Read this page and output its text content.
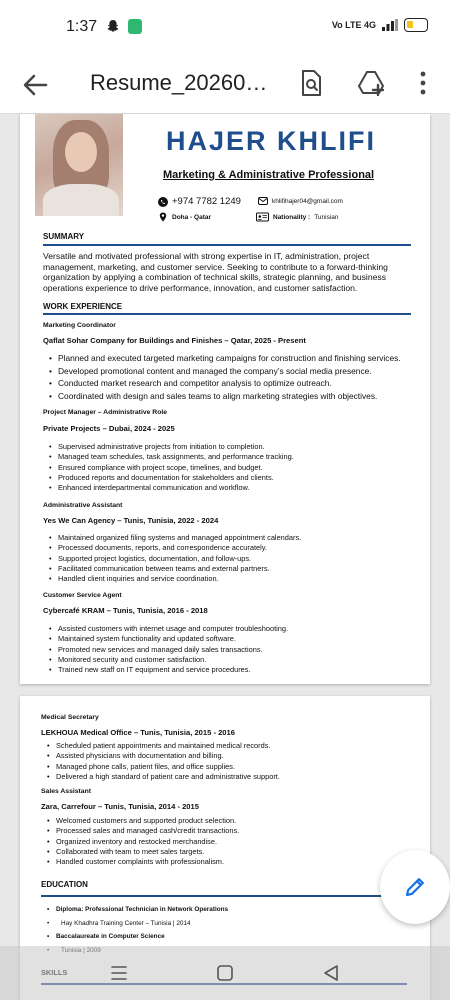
1:37	Vo LTE 4G
Resume_20260…
HAJER KHLIFI
Marketing & Administrative Professional
+974 7782 1249	khlifihajer04@gmail.com
Doha - Qatar	Nationality : Tunisian
SUMMARY
Versatile and motivated professional with strong expertise in IT, administration, project management, marketing, and customer service. Seeking to contribute to a forward-thinking organization by applying a combination of technical skills, strategic planning, and business operations experience to drive performance, innovation, and customer satisfaction.
WORK EXPERIENCE
Marketing Coordinator
Qaflat Sohar Company for Buildings and Finishes – Qatar, 2025 - Present
• Planned and executed targeted marketing campaigns for construction and finishing services.
• Developed promotional content and managed the company’s social media presence.
• Conducted market research and competitor analysis to optimize outreach.
• Coordinated with design and sales teams to align marketing strategies with objectives.
Project Manager – Administrative Role
Private Projects – Dubai, 2024 - 2025
• Supervised administrative projects from initiation to completion.
• Managed team schedules, task assignments, and performance tracking.
• Ensured compliance with project scope, timelines, and budget.
• Produced reports and documentation for stakeholders and clients.
• Enhanced interdepartmental communication and workflow.
Administrative Assistant
Yes We Can Agency – Tunis, Tunisia, 2022 - 2024
• Maintained organized filing systems and managed appointment calendars.
• Processed documents, reports, and correspondence accurately.
• Supported project logistics, documentation, and follow-ups.
• Facilitated communication between teams and external partners.
• Handled client inquiries and service coordination.
Customer Service Agent
Cybercafé KRAM – Tunis, Tunisia, 2016 - 2018
• Assisted customers with internet usage and computer troubleshooting.
• Maintained system functionality and updated software.
• Promoted new services and managed daily sales transactions.
• Monitored security and customer satisfaction.
• Trained new staff on IT equipment and service procedures.
Medical Secretary
LEKHOUA Medical Office – Tunis, Tunisia, 2015 - 2016
• Scheduled patient appointments and maintained medical records.
• Assisted physicians with documentation and billing.
• Managed phone calls, patient files, and office supplies.
• Delivered a high standard of patient care and administrative support.
Sales Assistant
Zara, Carrefour – Tunis, Tunisia, 2014 - 2015
• Welcomed customers and supported product selection.
• Processed sales and managed cash/credit transactions.
• Organized inventory and restocked merchandise.
• Collaborated with team to meet sales targets.
• Handled customer complaints with professionalism.
EDUCATION
• Diploma: Professional Technician in Network Operations
• Hay Khadhra Training Center – Tunisia | 2014
• Baccalaureate in Computer Science
•
